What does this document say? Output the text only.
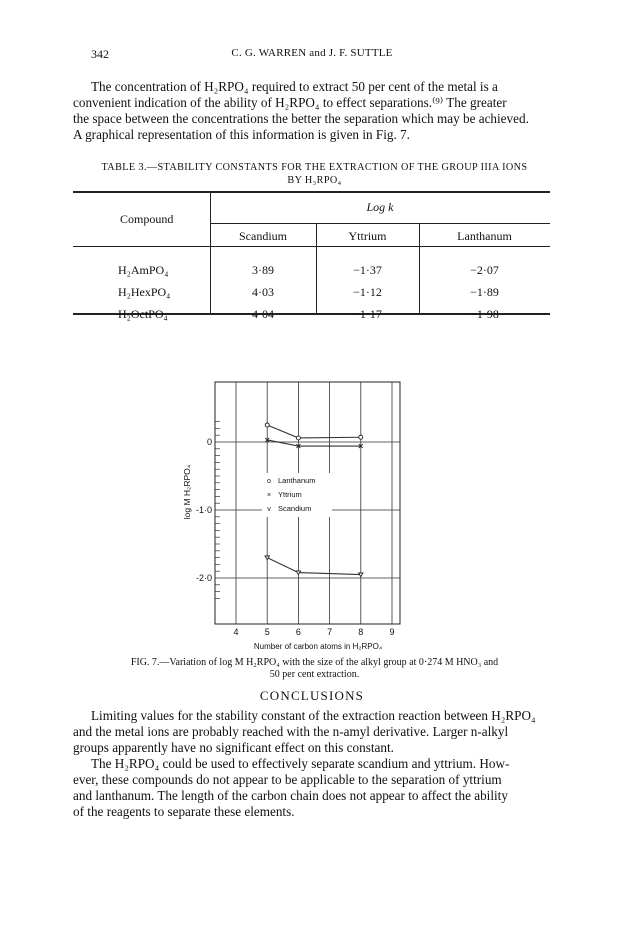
342	C. G. WARREN and J. F. SUTTLE
The concentration of H₂RPO₄ required to extract 50 per cent of the metal is a
convenient indication of the ability of H₂RPO₄ to effect separations.⁽⁹⁾ The greater
the space between the concentrations the better the separation which may be achieved.
A graphical representation of this information is given in Fig. 7.
TABLE 3.—STABILITY CONSTANTS FOR THE EXTRACTION OF THE GROUP IIIA IONS
BY H₃RPO₄
Compound
Log k
Scandium	Yttrium	Lanthanum
H₂AmPO₄	3·89	−1·37	−2·07
H₂HexPO₄	4·03	−1·12	−1·89
H₂OctPO₄	4·04	−1·17	−1·98
0
-1·0
-2·0
4	5	6	7	8	9
o Lanthanum
× Yttrium
v Scandium
log M H₂RPO₄
Number of carbon atoms in H₂RPO₄
FIG. 7.—Variation of log M H₂RPO₄ with the size of the alkyl group at 0·274 M HNO₃ and
50 per cent extraction.
CONCLUSIONS
Limiting values for the stability constant of the extraction reaction between H₂RPO₄
and the metal ions are probably reached with the n-amyl derivative. Larger n-alkyl
groups apparently have no significant effect on this constant.
The H₂RPO₄ could be used to effectively separate scandium and yttrium. How-
ever, these compounds do not appear to be applicable to the separation of yttrium
and lanthanum. The length of the carbon chain does not appear to affect the ability
of the reagents to separate these elements.
